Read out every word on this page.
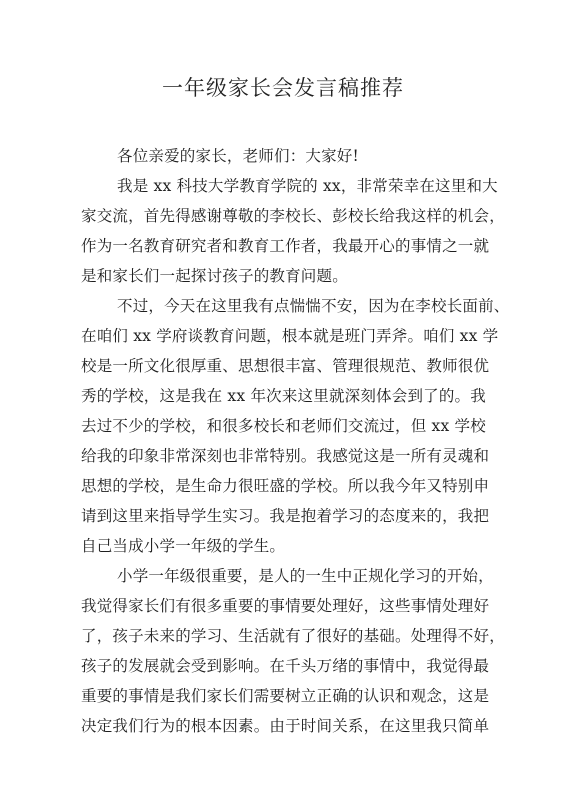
一年级家长会发言稿推荐
各位亲爱的家长，老师们：大家好!
我是 xx 科技大学教育学院的 xx，非常荣幸在这里和大
家交流，首先得感谢尊敬的李校长、彭校长给我这样的机会，
作为一名教育研究者和教育工作者，我最开心的事情之一就
是和家长们一起探讨孩子的教育问题。
不过，今天在这里我有点惴惴不安，因为在李校长面前、
在咱们 xx 学府谈教育问题，根本就是班门弄斧。咱们 xx 学
校是一所文化很厚重、思想很丰富、管理很规范、教师很优
秀的学校，这是我在 xx 年次来这里就深刻体会到了的。我
去过不少的学校，和很多校长和老师们交流过，但 xx 学校
给我的印象非常深刻也非常特别。我感觉这是一所有灵魂和
思想的学校，是生命力很旺盛的学校。所以我今年又特别申
请到这里来指导学生实习。我是抱着学习的态度来的，我把
自己当成小学一年级的学生。
小学一年级很重要，是人的一生中正规化学习的开始，
我觉得家长们有很多重要的事情要处理好，这些事情处理好
了，孩子未来的学习、生活就有了很好的基础。处理得不好，
孩子的发展就会受到影响。在千头万绪的事情中，我觉得最
重要的事情是我们家长们需要树立正确的认识和观念，这是
决定我们行为的根本因素。由于时间关系，在这里我只简单
